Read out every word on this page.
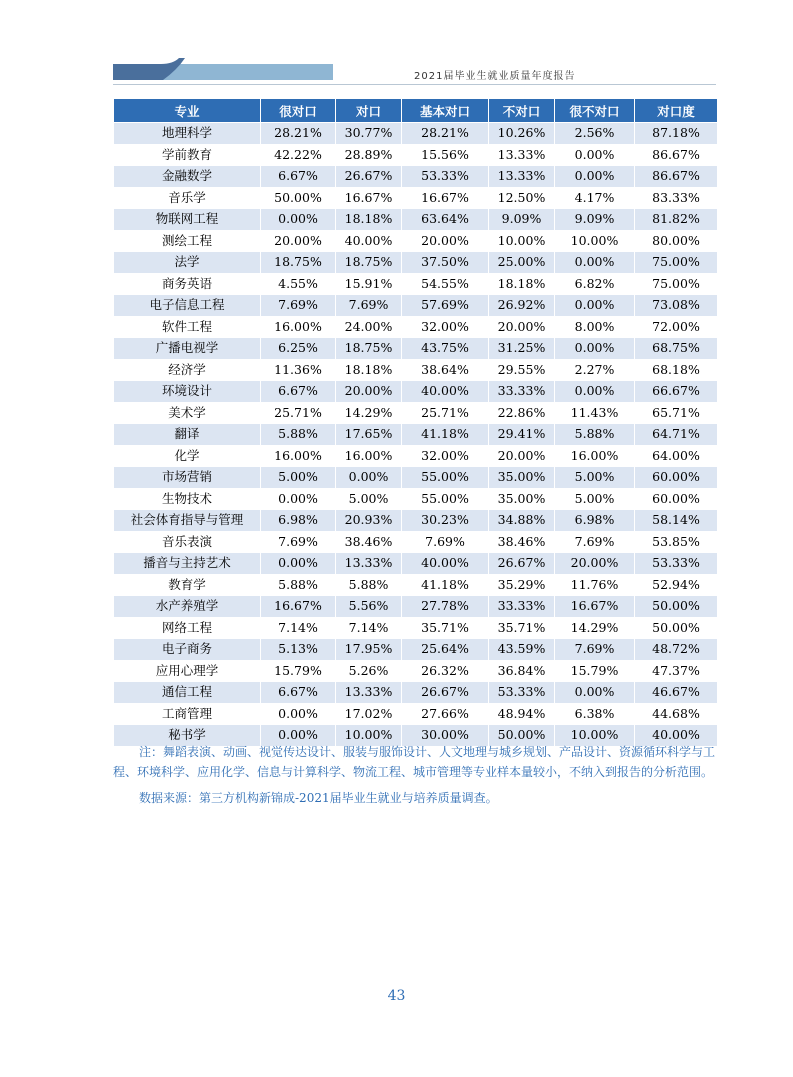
2021届毕业生就业质量年度报告
专业	很对口	对口	基本对口	不对口	很不对口	对口度
地理科学	28.21%	30.77%	28.21%	10.26%	2.56%	87.18%
学前教育	42.22%	28.89%	15.56%	13.33%	0.00%	86.67%
金融数学	6.67%	26.67%	53.33%	13.33%	0.00%	86.67%
音乐学	50.00%	16.67%	16.67%	12.50%	4.17%	83.33%
物联网工程	0.00%	18.18%	63.64%	9.09%	9.09%	81.82%
测绘工程	20.00%	40.00%	20.00%	10.00%	10.00%	80.00%
法学	18.75%	18.75%	37.50%	25.00%	0.00%	75.00%
商务英语	4.55%	15.91%	54.55%	18.18%	6.82%	75.00%
电子信息工程	7.69%	7.69%	57.69%	26.92%	0.00%	73.08%
软件工程	16.00%	24.00%	32.00%	20.00%	8.00%	72.00%
广播电视学	6.25%	18.75%	43.75%	31.25%	0.00%	68.75%
经济学	11.36%	18.18%	38.64%	29.55%	2.27%	68.18%
环境设计	6.67%	20.00%	40.00%	33.33%	0.00%	66.67%
美术学	25.71%	14.29%	25.71%	22.86%	11.43%	65.71%
翻译	5.88%	17.65%	41.18%	29.41%	5.88%	64.71%
化学	16.00%	16.00%	32.00%	20.00%	16.00%	64.00%
市场营销	5.00%	0.00%	55.00%	35.00%	5.00%	60.00%
生物技术	0.00%	5.00%	55.00%	35.00%	5.00%	60.00%
社会体育指导与管理	6.98%	20.93%	30.23%	34.88%	6.98%	58.14%
音乐表演	7.69%	38.46%	7.69%	38.46%	7.69%	53.85%
播音与主持艺术	0.00%	13.33%	40.00%	26.67%	20.00%	53.33%
教育学	5.88%	5.88%	41.18%	35.29%	11.76%	52.94%
水产养殖学	16.67%	5.56%	27.78%	33.33%	16.67%	50.00%
网络工程	7.14%	7.14%	35.71%	35.71%	14.29%	50.00%
电子商务	5.13%	17.95%	25.64%	43.59%	7.69%	48.72%
应用心理学	15.79%	5.26%	26.32%	36.84%	15.79%	47.37%
通信工程	6.67%	13.33%	26.67%	53.33%	0.00%	46.67%
工商管理	0.00%	17.02%	27.66%	48.94%	6.38%	44.68%
秘书学	0.00%	10.00%	30.00%	50.00%	10.00%	40.00%

注：舞蹈表演、动画、视觉传达设计、服装与服饰设计、人文地理与城乡规划、产品设计、资源循环科学与工程、环境科学、应用化学、信息与计算科学、物流工程、城市管理等专业样本量较小，不纳入到报告的分析范围。

数据来源：第三方机构新锦成-2021届毕业生就业与培养质量调查。

43
